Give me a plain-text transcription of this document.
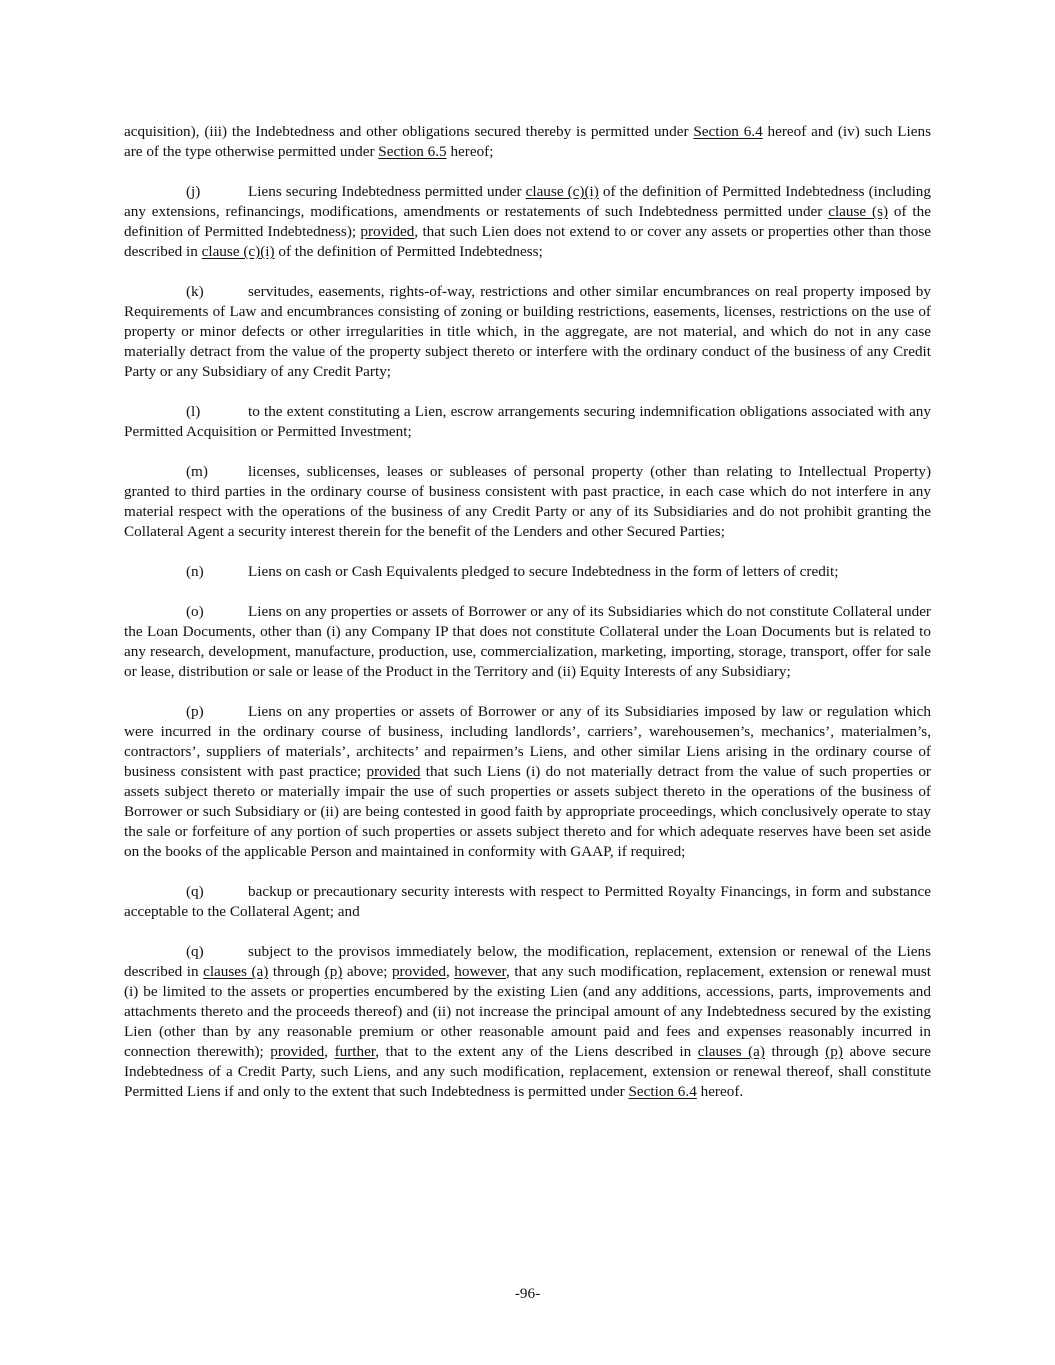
acquisition), (iii) the Indebtedness and other obligations secured thereby is permitted under Section 6.4 hereof and (iv) such Liens are of the type otherwise permitted under Section 6.5 hereof;

(j)	Liens securing Indebtedness permitted under clause (c)(i) of the definition of Permitted Indebtedness (including any extensions, refinancings, modifications, amendments or restatements of such Indebtedness permitted under clause (s) of the definition of Permitted Indebtedness); provided, that such Lien does not extend to or cover any assets or properties other than those described in clause (c)(i) of the definition of Permitted Indebtedness;

(k)	servitudes, easements, rights-of-way, restrictions and other similar encumbrances on real property imposed by Requirements of Law and encumbrances consisting of zoning or building restrictions, easements, licenses, restrictions on the use of property or minor defects or other irregularities in title which, in the aggregate, are not material, and which do not in any case materially detract from the value of the property subject thereto or interfere with the ordinary conduct of the business of any Credit Party or any Subsidiary of any Credit Party;

(l)	to the extent constituting a Lien, escrow arrangements securing indemnification obligations associated with any Permitted Acquisition or Permitted Investment;

(m)	licenses, sublicenses, leases or subleases of personal property (other than relating to Intellectual Property) granted to third parties in the ordinary course of business consistent with past practice, in each case which do not interfere in any material respect with the operations of the business of any Credit Party or any of its Subsidiaries and do not prohibit granting the Collateral Agent a security interest therein for the benefit of the Lenders and other Secured Parties;

(n)	Liens on cash or Cash Equivalents pledged to secure Indebtedness in the form of letters of credit;

(o)	Liens on any properties or assets of Borrower or any of its Subsidiaries which do not constitute Collateral under the Loan Documents, other than (i) any Company IP that does not constitute Collateral under the Loan Documents but is related to any research, development, manufacture, production, use, commercialization, marketing, importing, storage, transport, offer for sale or lease, distribution or sale or lease of the Product in the Territory and (ii) Equity Interests of any Subsidiary;

(p)	Liens on any properties or assets of Borrower or any of its Subsidiaries imposed by law or regulation which were incurred in the ordinary course of business, including landlords’, carriers’, warehousemen’s, mechanics’, materialmen’s, contractors’, suppliers of materials’, architects’ and repairmen’s Liens, and other similar Liens arising in the ordinary course of business consistent with past practice; provided that such Liens (i) do not materially detract from the value of such properties or assets subject thereto or materially impair the use of such properties or assets subject thereto in the operations of the business of Borrower or such Subsidiary or (ii) are being contested in good faith by appropriate proceedings, which conclusively operate to stay the sale or forfeiture of any portion of such properties or assets subject thereto and for which adequate reserves have been set aside on the books of the applicable Person and maintained in conformity with GAAP, if required;

(q)	backup or precautionary security interests with respect to Permitted Royalty Financings, in form and substance acceptable to the Collateral Agent; and

(q)	subject to the provisos immediately below, the modification, replacement, extension or renewal of the Liens described in clauses (a) through (p) above; provided, however, that any such modification, replacement, extension or renewal must (i) be limited to the assets or properties encumbered by the existing Lien (and any additions, accessions, parts, improvements and attachments thereto and the proceeds thereof) and (ii) not increase the principal amount of any Indebtedness secured by the existing Lien (other than by any reasonable premium or other reasonable amount paid and fees and expenses reasonably incurred in connection therewith); provided, further, that to the extent any of the Liens described in clauses (a) through (p) above secure Indebtedness of a Credit Party, such Liens, and any such modification, replacement, extension or renewal thereof, shall constitute Permitted Liens if and only to the extent that such Indebtedness is permitted under Section 6.4 hereof.

-96-
